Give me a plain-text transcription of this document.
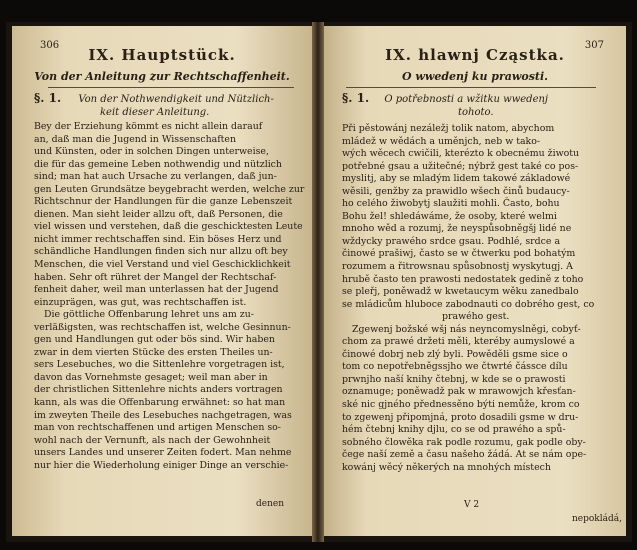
306
IX. Hauptstück.
Von der Anleitung zur Rechtschaffenheit.
§. 1. Von der Nothwendigkeit und Nützlich-
keit dieser Anleitung.
Bey der Erziehung kömmt es nicht allein darauf
an, daß man die Jugend in Wissenschaften
und Künsten, oder in solchen Dingen unterweise,
die für das gemeine Leben nothwendig und nützlich
sind; man hat auch Ursache zu verlangen, daß jun-
gen Leuten Grundsätze beygebracht werden, welche zur
Richtschnur der Handlungen für die ganze Lebenszeit
dienen. Man sieht leider allzu oft, daß Personen, die
viel wissen und verstehen, daß die geschicktesten Leute
nicht immer rechtschaffen sind. Ein böses Herz und
schändliche Handlungen finden sich nur allzu oft bey
Menschen, die viel Verstand und viel Geschicklichkeit
haben. Sehr oft rühret der Mangel der Rechtschaf-
fenheit daher, weil man unterlassen hat der Jugend
einzuprägen, was gut, was rechtschaffen ist.
Die göttliche Offenbarung lehret uns am zu-
verläßigsten, was rechtschaffen ist, welche Gesinnun-
gen und Handlungen gut oder bös sind. Wir haben
zwar in dem vierten Stücke des ersten Theiles un-
sers Lesebuches, wo die Sittenlehre vorgetragen ist,
davon das Vornehmste gesaget; weil man aber in
der christlichen Sittenlehre nichts anders vortragen
kann, als was die Offenbarung erwähnet: so hat man
im zweyten Theile des Lesebuches nachgetragen, was
man von rechtschaffenen und artigen Menschen so-
wohl nach der Vernunft, als nach der Gewohnheit
unsers Landes und unserer Zeiten fodert. Man nehme
nur hier die Wiederholung einiger Dinge an verschie-
denen
307
IX. hlawnj Cząstka.
O wwedenj ku prawosti.
§. 1. O potřebnosti a wžitku wwedenj
tohoto.
Při pěstowánj nezáležj tolik natom, abychom
mládež w wědách a uměnjch, neb w tako-
wých wěcech cwičili, kterézto k obecnému žiwotu
potřebné gsau a užitečné; nýbrž gest také co pos-
myslitj, aby se mladým lidem takowé základowé
wěsili, genžby za prawidlo wšech činů budaucy-
ho celého žiwobytj slaužiti mohli. Často, bohu
Bohu žel! shledáwáme, že osoby, které welmi
mnoho wěd a rozumj, že neyspůsobněgšj lidé ne
wždycky prawého srdce gsau. Podhlé, srdce a
činowé prašiwj, často se w čtwerku pod bohatým
rozumem a řitrowsnau spůsobnostj wyskytugj. A
hrubě často ten prawosti nedostatek gedině z toho
se pleřj, poněwadž w kwetaucym wěku zanedbalo
se mládicům hluboce zabodnauti co dobrého gest, co
prawého gest.
Zgewenj božské wšj nás neyncomyslněgi, cobyť-
chom za prawé držeti měli, kteréby aumyslowé a
činowé dobrj neb zlý byli. Powěděli gsme sice o
tom co nepotřebněgssjho we čtwrté čássce dílu
prwnjho naší knihy čtebnj, w kde se o prawosti
oznamuge; poněwadž pak w mrawowjch křesťan-
ské nic gjného přednessěno býti nemůže, krom co
to zgewenj připomjná, proto dosadili gsme w dru-
hém čtebnj knihy djlu, co se od prawého a spů-
sobného člowěka rak podle rozumu, gak podle oby-
čege naší země a času našeho žádá. At se nám ope-
kowánj wěcý někerých na mnohých místech
V 2
nepokládá,
